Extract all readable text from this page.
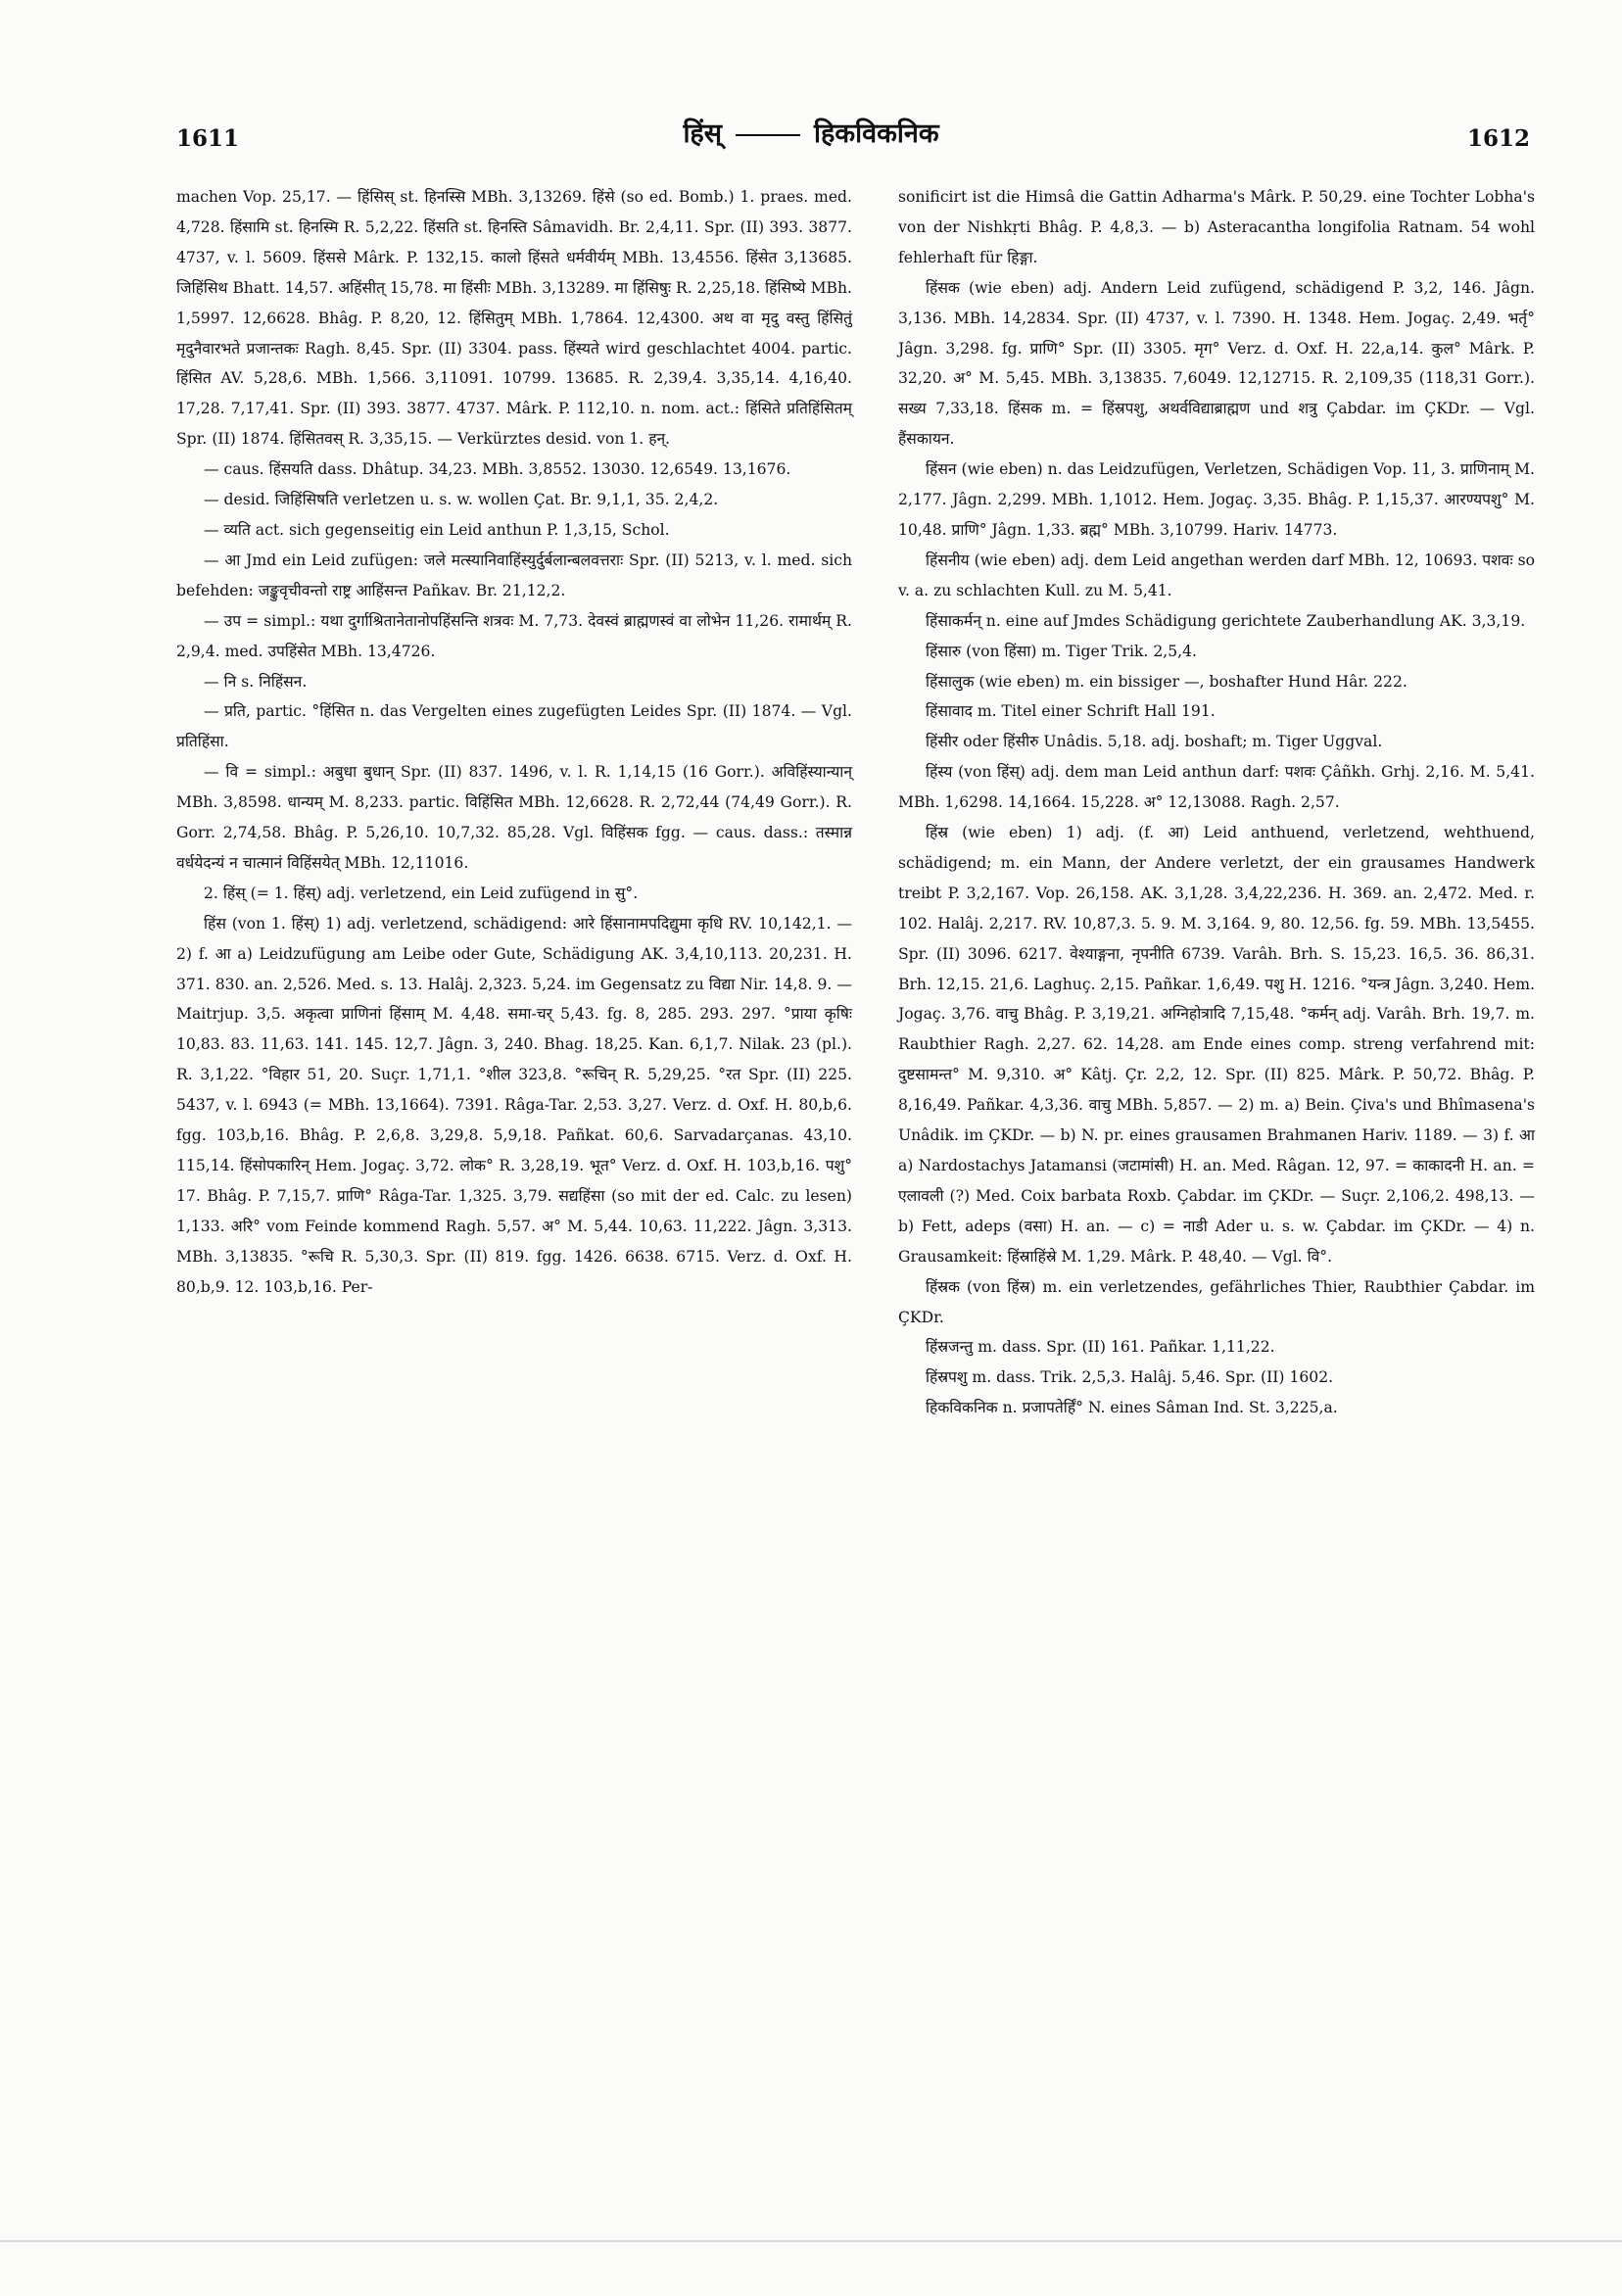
1611	हिंस्	हिकविकनिक	1612

machen Vop. 25,17. — हिंसिस् st. हिनस्सि MBh. 3,13269. हिंसे (so ed. Bomb.) 1. praes. med. 4,728. हिंसामि st. हिनस्मि R. 5,2,22. हिंसति st. हिनस्ति Sâmavidh. Br. 2,4,11. Spr. (II) 393. 3877. 4737, v. l. 5609. हिंससे Mârk. P. 132,15. कालो हिंसते धर्मवीर्यम् MBh. 13,4556. हिंसेत 3,13685. जिहिंसिथ Bhatt. 14,57. अहिंसीत् 15,78. मा हिंसीः MBh. 3,13289. मा हिंसिषुः R. 2,25,18. हिंसिष्ये MBh. 1,5997. 12,6628. Bhâg. P. 8,20, 12. हिंसितुम् MBh. 1,7864. 12,4300. अथ वा मृदु वस्तु हिंसितुं मृदुनैवारभते प्रजान्तकः Ragh. 8,45. Spr. (II) 3304. pass. हिंस्यते wird geschlachtet 4004. partic. हिंसित AV. 5,28,6. MBh. 1,566. 3,11091. 10799. 13685. R. 2,39,4. 3,35,14. 4,16,40. 17,28. 7,17,41. Spr. (II) 393. 3877. 4737. Mârk. P. 112,10. n. nom. act.: हिंसिते प्रतिहिंसितम् Spr. (II) 1874. हिंसितवस् R. 3,35,15. — Verkürztes desid. von 1. हन्.

— caus. हिंसयति dass. Dhâtup. 34,23. MBh. 3,8552. 13030. 12,6549. 13,1676.

— desid. जिहिंसिषति verletzen u. s. w. wollen Çat. Br. 9,1,1, 35. 2,4,2.

— व्यति act. sich gegenseitig ein Leid anthun P. 1,3,15, Schol.

— आ Jmd ein Leid zufügen: जले मत्स्यानिवाहिंस्युर्दुर्बलान्बलवत्तराः Spr. (II) 5213, v. l. med. sich befehden: जङ्कुवृचीवन्तो राष्ट्र आहिंसन्त Pañkav. Br. 21,12,2.

— उप = simpl.: यथा दुर्गाश्रितानेतानोपहिंसन्ति शत्रवः M. 7,73. देवस्वं ब्राह्मणस्वं वा लोभेन 11,26. रामार्थम् R. 2,9,4. med. उपहिंसेत MBh. 13,4726.

— नि s. निहिंसन.

— प्रति, partic. °हिंसित n. das Vergelten eines zugefügten Leides Spr. (II) 1874. — Vgl. प्रतिहिंसा.

— वि = simpl.: अबुधा बुधान् Spr. (II) 837. 1496, v. l. R. 1,14,15 (16 Gorr.). अविहिंस्यान्यान् MBh. 3,8598. धान्यम् M. 8,233. partic. विहिंसित MBh. 12,6628. R. 2,72,44 (74,49 Gorr.). R. Gorr. 2,74,58. Bhâg. P. 5,26,10. 10,7,32. 85,28. Vgl. विहिंसक fgg. — caus. dass.: तस्मान्न वर्धयेदन्यं न चात्मानं विहिंसयेत् MBh. 12,11016.

2. हिंस् (= 1. हिंस्) adj. verletzend, ein Leid zufügend in सु°.

हिंस (von 1. हिंस्) 1) adj. verletzend, schädigend: आरे हिंसानामपदिद्युमा कृधि RV. 10,142,1. — 2) f. आ a) Leidzufügung am Leibe oder Gute, Schädigung AK. 3,4,10,113. 20,231. H. 371. 830. an. 2,526. Med. s. 13. Halâj. 2,323. 5,24. im Gegensatz zu विद्या Nir. 14,8. 9. — Maitrjup. 3,5. अकृत्वा प्राणिनां हिंसाम् M. 4,48. समा-चर् 5,43. fg. 8, 285. 293. 297. °प्राया कृषिः 10,83. 83. 11,63. 141. 145. 12,7. Jâgn. 3, 240. Bhag. 18,25. Kan. 6,1,7. Nilak. 23 (pl.). R. 3,1,22. °विहार 51, 20. Suçr. 1,71,1. °शील 323,8. °रूचिन् R. 5,29,25. °रत Spr. (II) 225. 5437, v. l. 6943 (= MBh. 13,1664). 7391. Râga-Tar. 2,53. 3,27. Verz. d. Oxf. H. 80,b,6. fgg. 103,b,16. Bhâg. P. 2,6,8. 3,29,8. 5,9,18. Pañkat. 60,6. Sarvadarçanas. 43,10. 115,14. हिंसोपकारिन् Hem. Jogaç. 3,72. लोक° R. 3,28,19. भूत° Verz. d. Oxf. H. 103,b,16. पशु° 17. Bhâg. P. 7,15,7. प्राणि° Râga-Tar. 1,325. 3,79. सद्यहिंसा (so mit der ed. Calc. zu lesen) 1,133. अरि° vom Feinde kommend Ragh. 5,57. अ° M. 5,44. 10,63. 11,222. Jâgn. 3,313. MBh. 3,13835. °रूचि R. 5,30,3. Spr. (II) 819. fgg. 1426. 6638. 6715. Verz. d. Oxf. H. 80,b,9. 12. 103,b,16. Per-

sonificirt ist die Himsâ die Gattin Adharma's Mârk. P. 50,29. eine Tochter Lobha's von der Nishkṛti Bhâg. P. 4,8,3. — b) Asteracantha longifolia Ratnam. 54 wohl fehlerhaft für हिङ्गा.

हिंसक (wie eben) adj. Andern Leid zufügend, schädigend P. 3,2, 146. Jâgn. 3,136. MBh. 14,2834. Spr. (II) 4737, v. l. 7390. H. 1348. Hem. Jogaç. 2,49. भर्तृ° Jâgn. 3,298. fg. प्राणि° Spr. (II) 3305. मृग° Verz. d. Oxf. H. 22,a,14. कुल° Mârk. P. 32,20. अ° M. 5,45. MBh. 3,13835. 7,6049. 12,12715. R. 2,109,35 (118,31 Gorr.). सख्य 7,33,18. हिंसक m. = हिंस्रपशु, अथर्वविद्याब्राह्मण und शत्रु Çabdar. im ÇKDr. — Vgl. हैंसकायन.

हिंसन (wie eben) n. das Leidzufügen, Verletzen, Schädigen Vop. 11, 3. प्राणिनाम् M. 2,177. Jâgn. 2,299. MBh. 1,1012. Hem. Jogaç. 3,35. Bhâg. P. 1,15,37. आरण्यपशु° M. 10,48. प्राणि° Jâgn. 1,33. ब्रह्म° MBh. 3,10799. Hariv. 14773.

हिंसनीय (wie eben) adj. dem Leid angethan werden darf MBh. 12, 10693. पशवः so v. a. zu schlachten Kull. zu M. 5,41.

हिंसाकर्मन् n. eine auf Jmdes Schädigung gerichtete Zauberhandlung AK. 3,3,19.

हिंसारु (von हिंसा) m. Tiger Trik. 2,5,4.

हिंसालुक (wie eben) m. ein bissiger —, boshafter Hund Hâr. 222.

हिंसावाद m. Titel einer Schrift Hall 191.

हिंसीर oder हिंसीरु Unâdis. 5,18. adj. boshaft; m. Tiger Uggval.

हिंस्य (von हिंस्) adj. dem man Leid anthun darf: पशवः Çâñkh. Grhj. 2,16. M. 5,41. MBh. 1,6298. 14,1664. 15,228. अ° 12,13088. Ragh. 2,57.

हिंस्र (wie eben) 1) adj. (f. आ) Leid anthuend, verletzend, wehthuend, schädigend; m. ein Mann, der Andere verletzt, der ein grausames Handwerk treibt P. 3,2,167. Vop. 26,158. AK. 3,1,28. 3,4,22,236. H. 369. an. 2,472. Med. r. 102. Halâj. 2,217. RV. 10,87,3. 5. 9. M. 3,164. 9, 80. 12,56. fg. 59. MBh. 13,5455. Spr. (II) 3096. 6217. वेश्याङ्गना, नृपनीति 6739. Varâh. Brh. S. 15,23. 16,5. 36. 86,31. Brh. 12,15. 21,6. Laghuç. 2,15. Pañkar. 1,6,49. पशु H. 1216. °यन्त्र Jâgn. 3,240. Hem. Jogaç. 3,76. वाचु Bhâg. P. 3,19,21. अग्निहोत्रादि 7,15,48. °कर्मन् adj. Varâh. Brh. 19,7. m. Raubthier Ragh. 2,27. 62. 14,28. am Ende eines comp. streng verfahrend mit: दुष्टसामन्त° M. 9,310. अ° Kâtj. Çr. 2,2, 12. Spr. (II) 825. Mârk. P. 50,72. Bhâg. P. 8,16,49. Pañkar. 4,3,36. वाचु MBh. 5,857. — 2) m. a) Bein. Çiva's und Bhîmasena's Unâdik. im ÇKDr. — b) N. pr. eines grausamen Brahmanen Hariv. 1189. — 3) f. आ a) Nardostachys Jatamansi (जटामांसी) H. an. Med. Râgan. 12, 97. = काकादनी H. an. = एलावली (?) Med. Coix barbata Roxb. Çabdar. im ÇKDr. — Suçr. 2,106,2. 498,13. — b) Fett, adeps (वसा) H. an. — c) = नाडी Ader u. s. w. Çabdar. im ÇKDr. — 4) n. Grausamkeit: हिंस्राहिंस्रे M. 1,29. Mârk. P. 48,40. — Vgl. वि°.

हिंस्रक (von हिंस्र) m. ein verletzendes, gefährliches Thier, Raubthier Çabdar. im ÇKDr.

हिंस्रजन्तु m. dass. Spr. (II) 161. Pañkar. 1,11,22.

हिंस्रपशु m. dass. Trik. 2,5,3. Halâj. 5,46. Spr. (II) 1602.

हिकविकनिक n. प्रजापतेर्हिं° N. eines Sâman Ind. St. 3,225,a.
